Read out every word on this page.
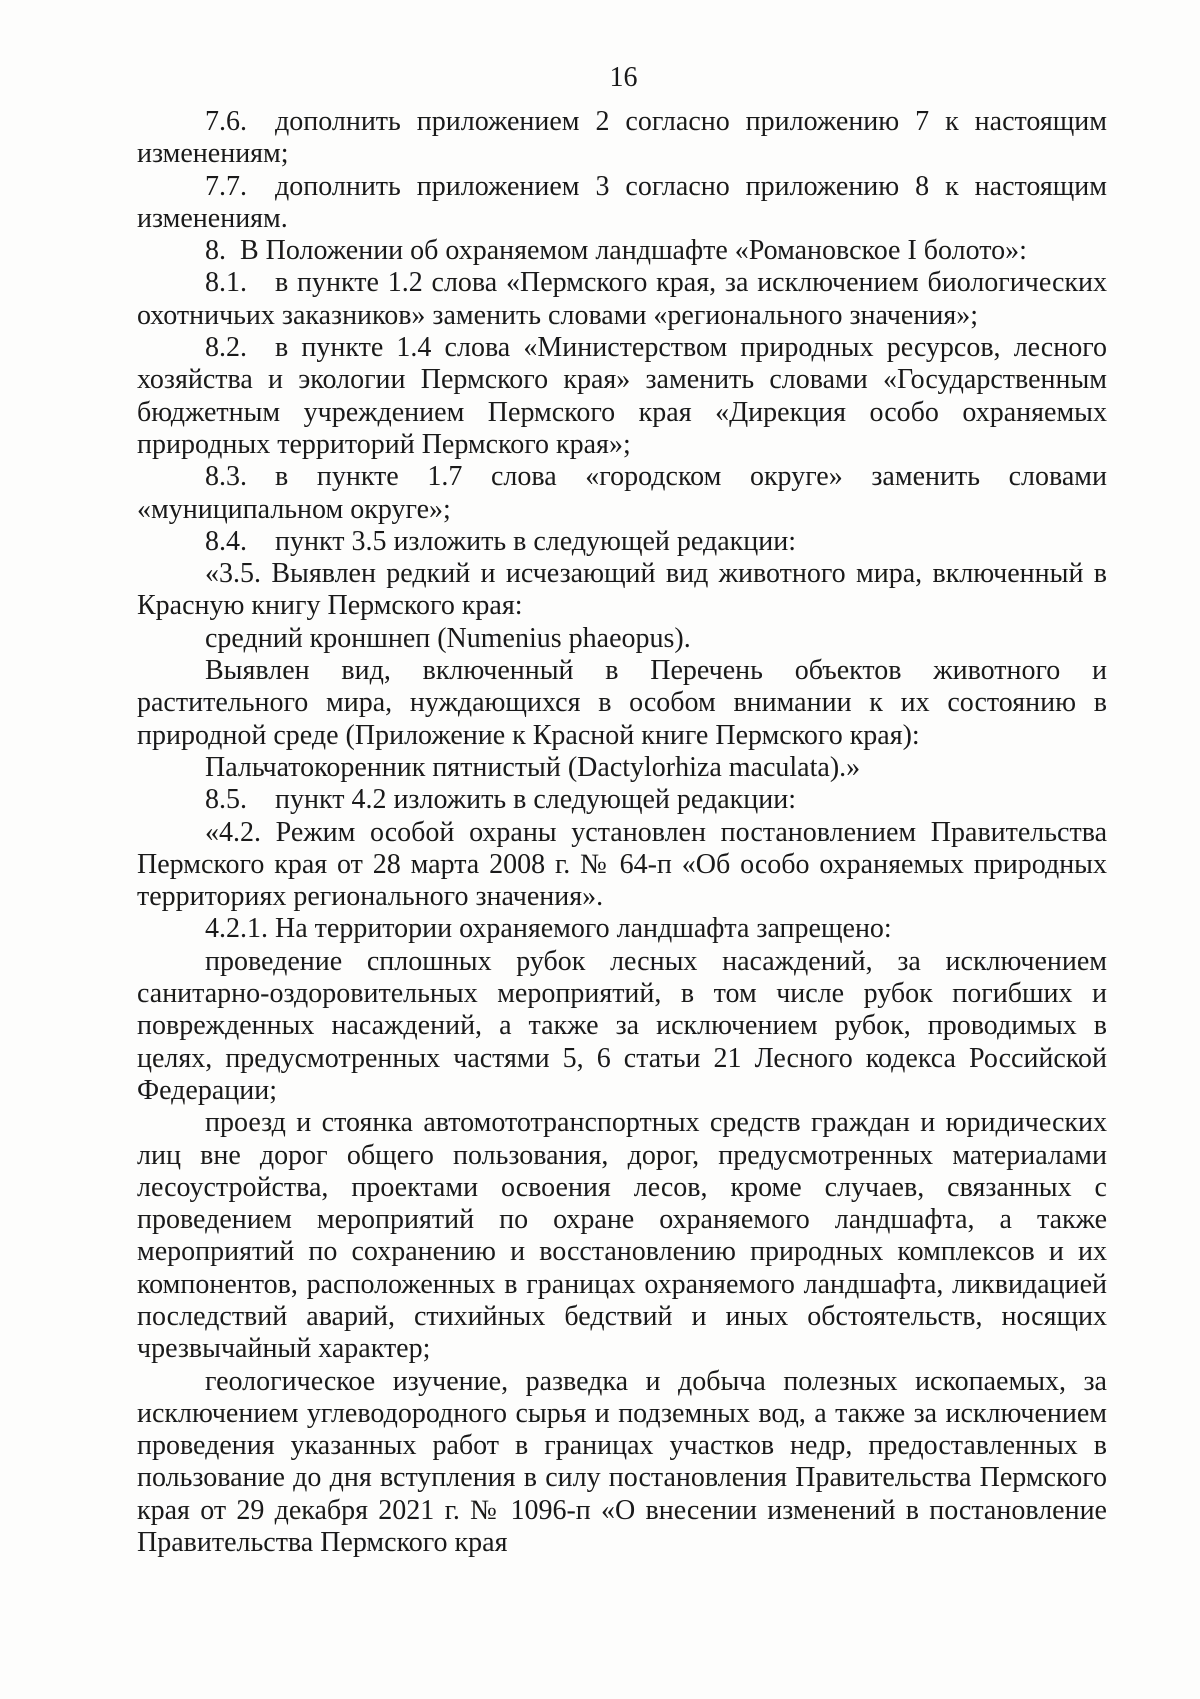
16

7.6. дополнить приложением 2 согласно приложению 7 к настоящим изменениям;

7.7. дополнить приложением 3 согласно приложению 8 к настоящим изменениям.

8. В Положении об охраняемом ландшафте «Романовское I болото»:

8.1. в пункте 1.2 слова «Пермского края, за исключением биологических охотничьих заказников» заменить словами «регионального значения»;

8.2. в пункте 1.4 слова «Министерством природных ресурсов, лесного хозяйства и экологии Пермского края» заменить словами «Государственным бюджетным учреждением Пермского края «Дирекция особо охраняемых природных территорий Пермского края»;

8.3. в пункте 1.7 слова «городском округе» заменить словами «муниципальном округе»;

8.4. пункт 3.5 изложить в следующей редакции:

«3.5. Выявлен редкий и исчезающий вид животного мира, включенный в Красную книгу Пермского края:

средний кроншнеп (Numenius phaeopus).

Выявлен вид, включенный в Перечень объектов животного и растительного мира, нуждающихся в особом внимании к их состоянию в природной среде (Приложение к Красной книге Пермского края):

Пальчатокоренник пятнистый (Dactylorhiza maculata).»

8.5. пункт 4.2 изложить в следующей редакции:

«4.2. Режим особой охраны установлен постановлением Правительства Пермского края от 28 марта 2008 г. № 64-п «Об особо охраняемых природных территориях регионального значения».

4.2.1. На территории охраняемого ландшафта запрещено:

проведение сплошных рубок лесных насаждений, за исключением санитарно-оздоровительных мероприятий, в том числе рубок погибших и поврежденных насаждений, а также за исключением рубок, проводимых в целях, предусмотренных частями 5, 6 статьи 21 Лесного кодекса Российской Федерации;

проезд и стоянка автомототранспортных средств граждан и юридических лиц вне дорог общего пользования, дорог, предусмотренных материалами лесоустройства, проектами освоения лесов, кроме случаев, связанных с проведением мероприятий по охране охраняемого ландшафта, а также мероприятий по сохранению и восстановлению природных комплексов и их компонентов, расположенных в границах охраняемого ландшафта, ликвидацией последствий аварий, стихийных бедствий и иных обстоятельств, носящих чрезвычайный характер;

геологическое изучение, разведка и добыча полезных ископаемых, за исключением углеводородного сырья и подземных вод, а также за исключением проведения указанных работ в границах участков недр, предоставленных в пользование до дня вступления в силу постановления Правительства Пермского края от 29 декабря 2021 г. № 1096-п «О внесении изменений в постановление Правительства Пермского края
